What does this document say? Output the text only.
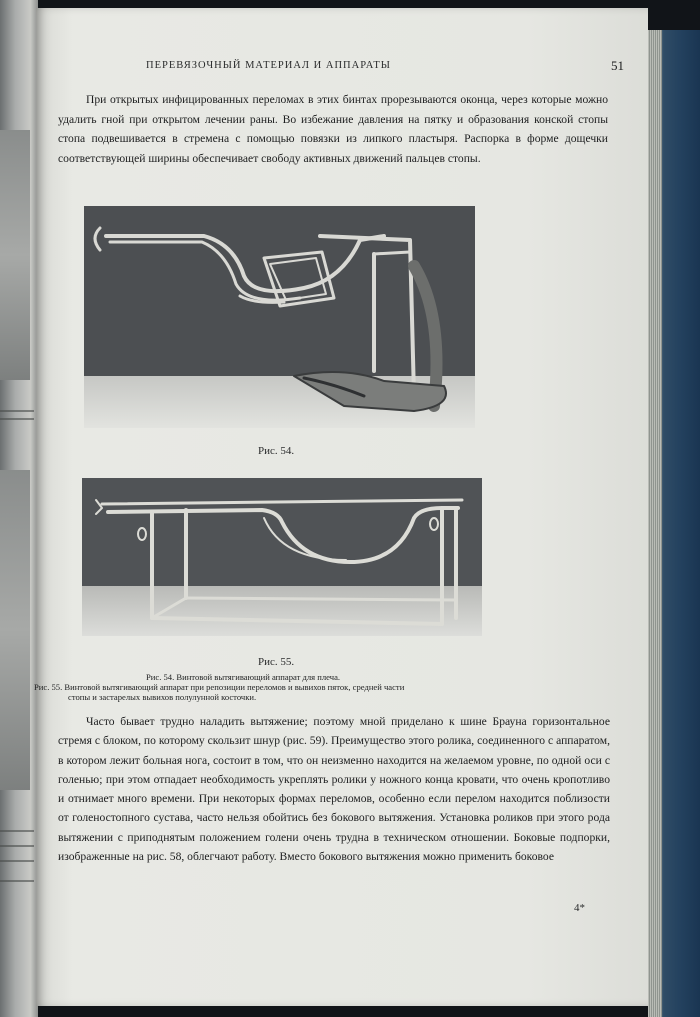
ПЕРЕВЯЗОЧНЫЙ МАТЕРИАЛ И АППАРАТЫ	51
При открытых инфицированных переломах в этих бинтах прорезываются оконца, через которые можно удалить гной при открытом лечении раны. Во избежание давления на пятку и образования конской стопы стопа подвешивается в стремена с помощью повязки из липкого пластыря. Распорка в форме дощечки соответствующей ширины обеспечивает свободу активных движений пальцев стопы.
Рис. 54.
Рис. 55.
Рис. 54. Винтовой вытягивающий аппарат для плеча.
Рис. 55. Винтовой вытягивающий аппарат при репозиции переломов и вывихов пяток, средней части
стопы и застарелых вывихов полулунной косточки.
Часто бывает трудно наладить вытяжение; поэтому мной приделано к шине Брауна горизонтальное стремя с блоком, по которому скользит шнур (рис. 59). Преимущество этого ролика, соединенного с аппаратом, в котором лежит больная нога, состоит в том, что он неизменно находится на желаемом уровне, по одной оси с голенью; при этом отпадает необходимость укреплять ролики у ножного конца кровати, что очень кропотливо и отнимает много времени. При некоторых формах переломов, особенно если перелом находится поблизости от голеностопного сустава, часто нельзя обойтись без бокового вытяжения. Установка роликов при этого рода вытяжении с приподнятым положением голени очень трудна в техническом отношении. Боковые подпорки, изображенные на рис. 58, облегчают работу. Вместо бокового вытяжения можно применить боковое
4*
